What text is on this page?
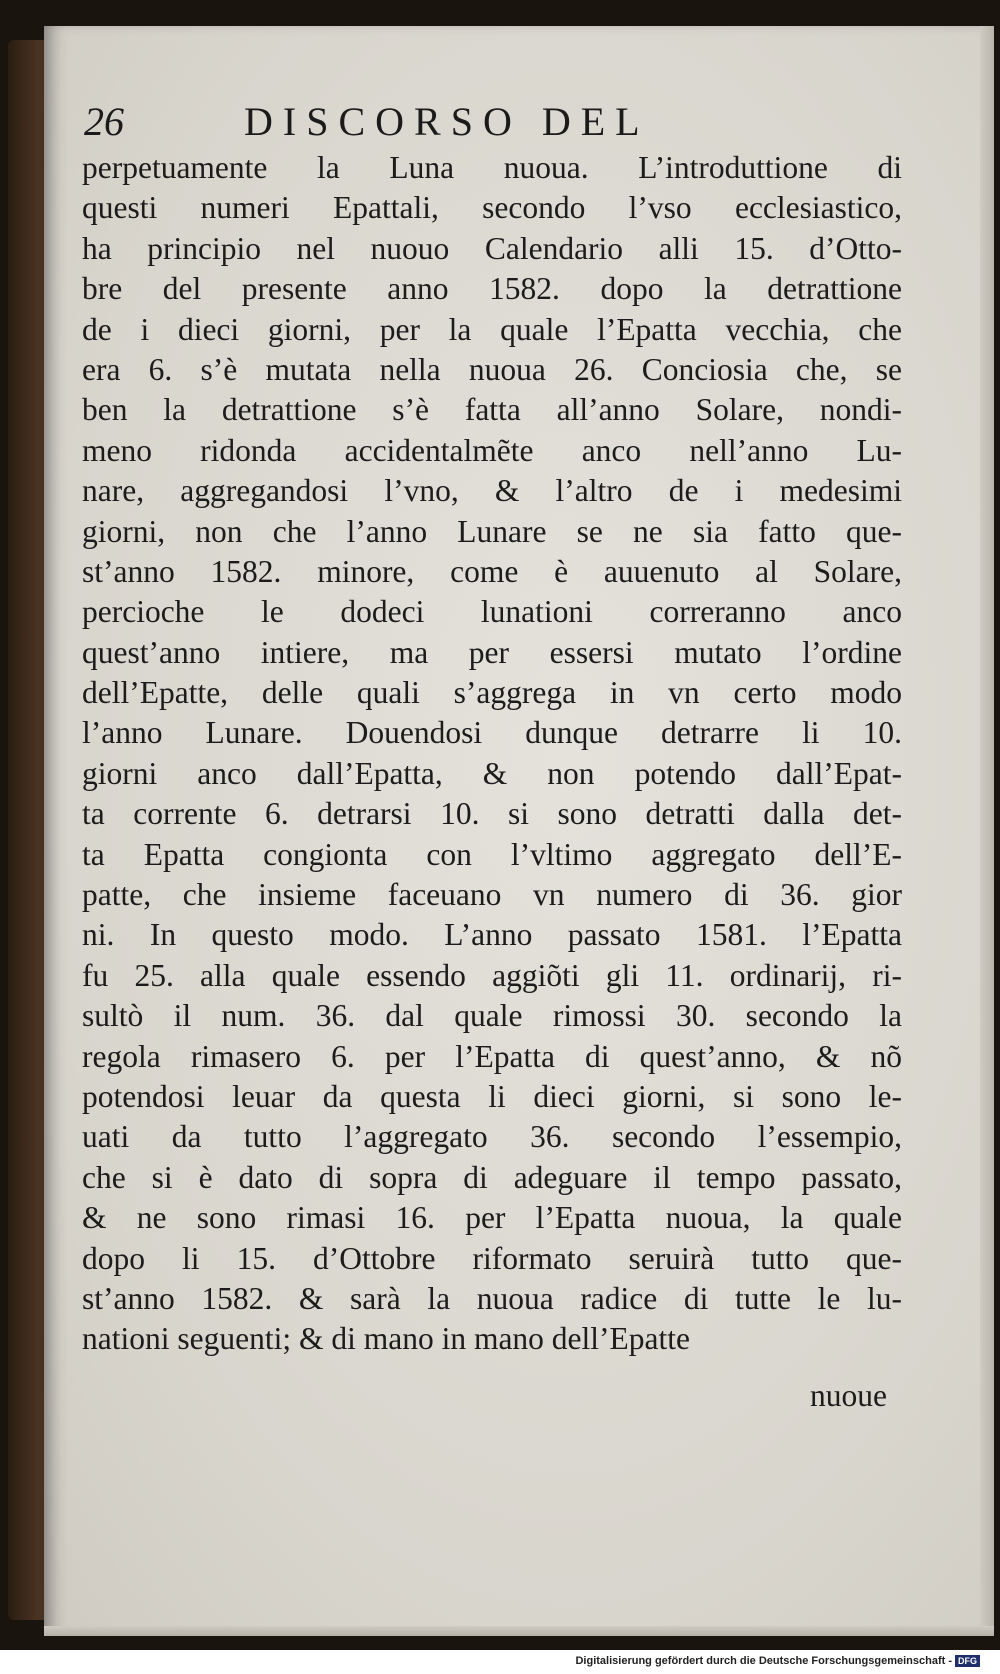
26	DISCORSO DEL
perpetuamente la Luna nuoua. L’introduttione di
questi numeri Epattali, secondo l’vso ecclesiastico,
ha principio nel nuouo Calendario alli 15. d’Otto-
bre del presente anno 1582. dopo la detrattione
de i dieci giorni, per la quale l’Epatta vecchia, che
era 6. s’è mutata nella nuoua 26. Conciosia che, se
ben la detrattione s’è fatta all’anno Solare, nondi-
meno ridonda accidentalmẽte anco nell’anno Lu-
nare, aggregandosi l’vno, & l’altro de i medesimi
giorni, non che l’anno Lunare se ne sia fatto que-
st’anno 1582. minore, come è auuenuto al Solare,
percioche le dodeci lunationi correranno anco
quest’anno intiere, ma per essersi mutato l’ordine
dell’Epatte, delle quali s’aggrega in vn certo modo
l’anno Lunare. Douendosi dunque detrarre li 10.
giorni anco dall’Epatta, & non potendo dall’Epat-
ta corrente 6. detrarsi 10. si sono detratti dalla det-
ta Epatta congionta con l’vltimo aggregato dell’E-
patte, che insieme faceuano vn numero di 36. gior
ni. In questo modo. L’anno passato 1581. l’Epatta
fu 25. alla quale essendo aggiõti gli 11. ordinarij, ri-
sultò il num. 36. dal quale rimossi 30. secondo la
regola rimasero 6. per l’Epatta di quest’anno, & nõ
potendosi leuar da questa li dieci giorni, si sono le-
uati da tutto l’aggregato 36. secondo l’essempio,
che si è dato di sopra di adeguare il tempo passato,
& ne sono rimasi 16. per l’Epatta nuoua, la quale
dopo li 15. d’Ottobre riformato seruirà tutto que-
st’anno 1582. & sarà la nuoua radice di tutte le lu-
nationi seguenti; & di mano in mano dell’Epatte
nuoue
Digitalisierung gefördert durch die Deutsche Forschungsgemeinschaft - DFG
